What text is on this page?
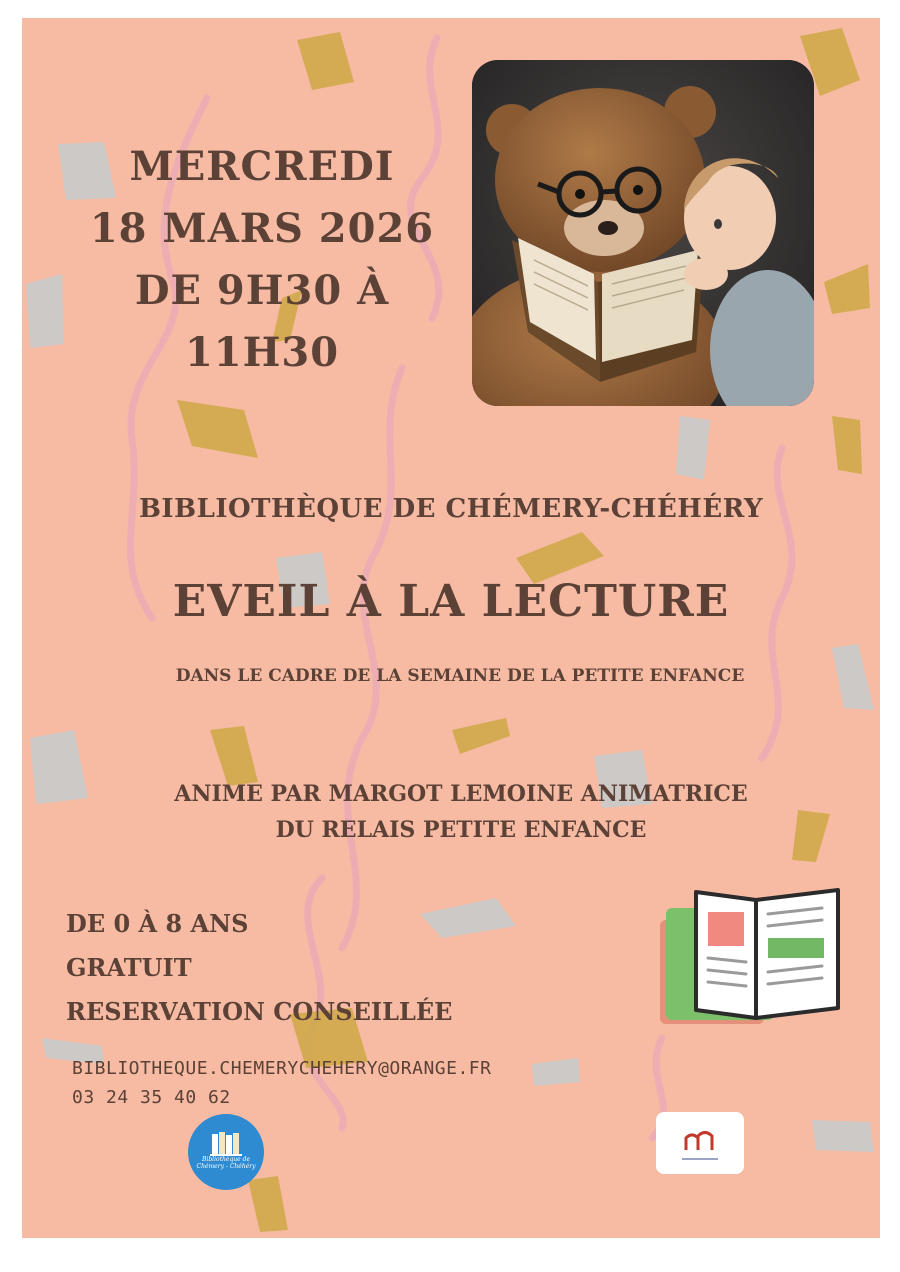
MERCREDI
18 MARS 2026
DE 9H30 À
11H30
BIBLIOTHÈQUE DE CHÉMERY-CHÉHÉRY
EVEIL À LA LECTURE
DANS LE CADRE DE LA SEMAINE DE LA PETITE ENFANCE
ANIME PAR MARGOT LEMOINE ANIMATRICE
DU RELAIS PETITE ENFANCE
DE 0 À 8 ANS
GRATUIT
RESERVATION CONSEILLÉE
BIBLIOTHEQUE.CHEMERYCHEHERY@ORANGE.FR
03 24 35 40 62
Bibliothèque de Chémery - Chéhéry
